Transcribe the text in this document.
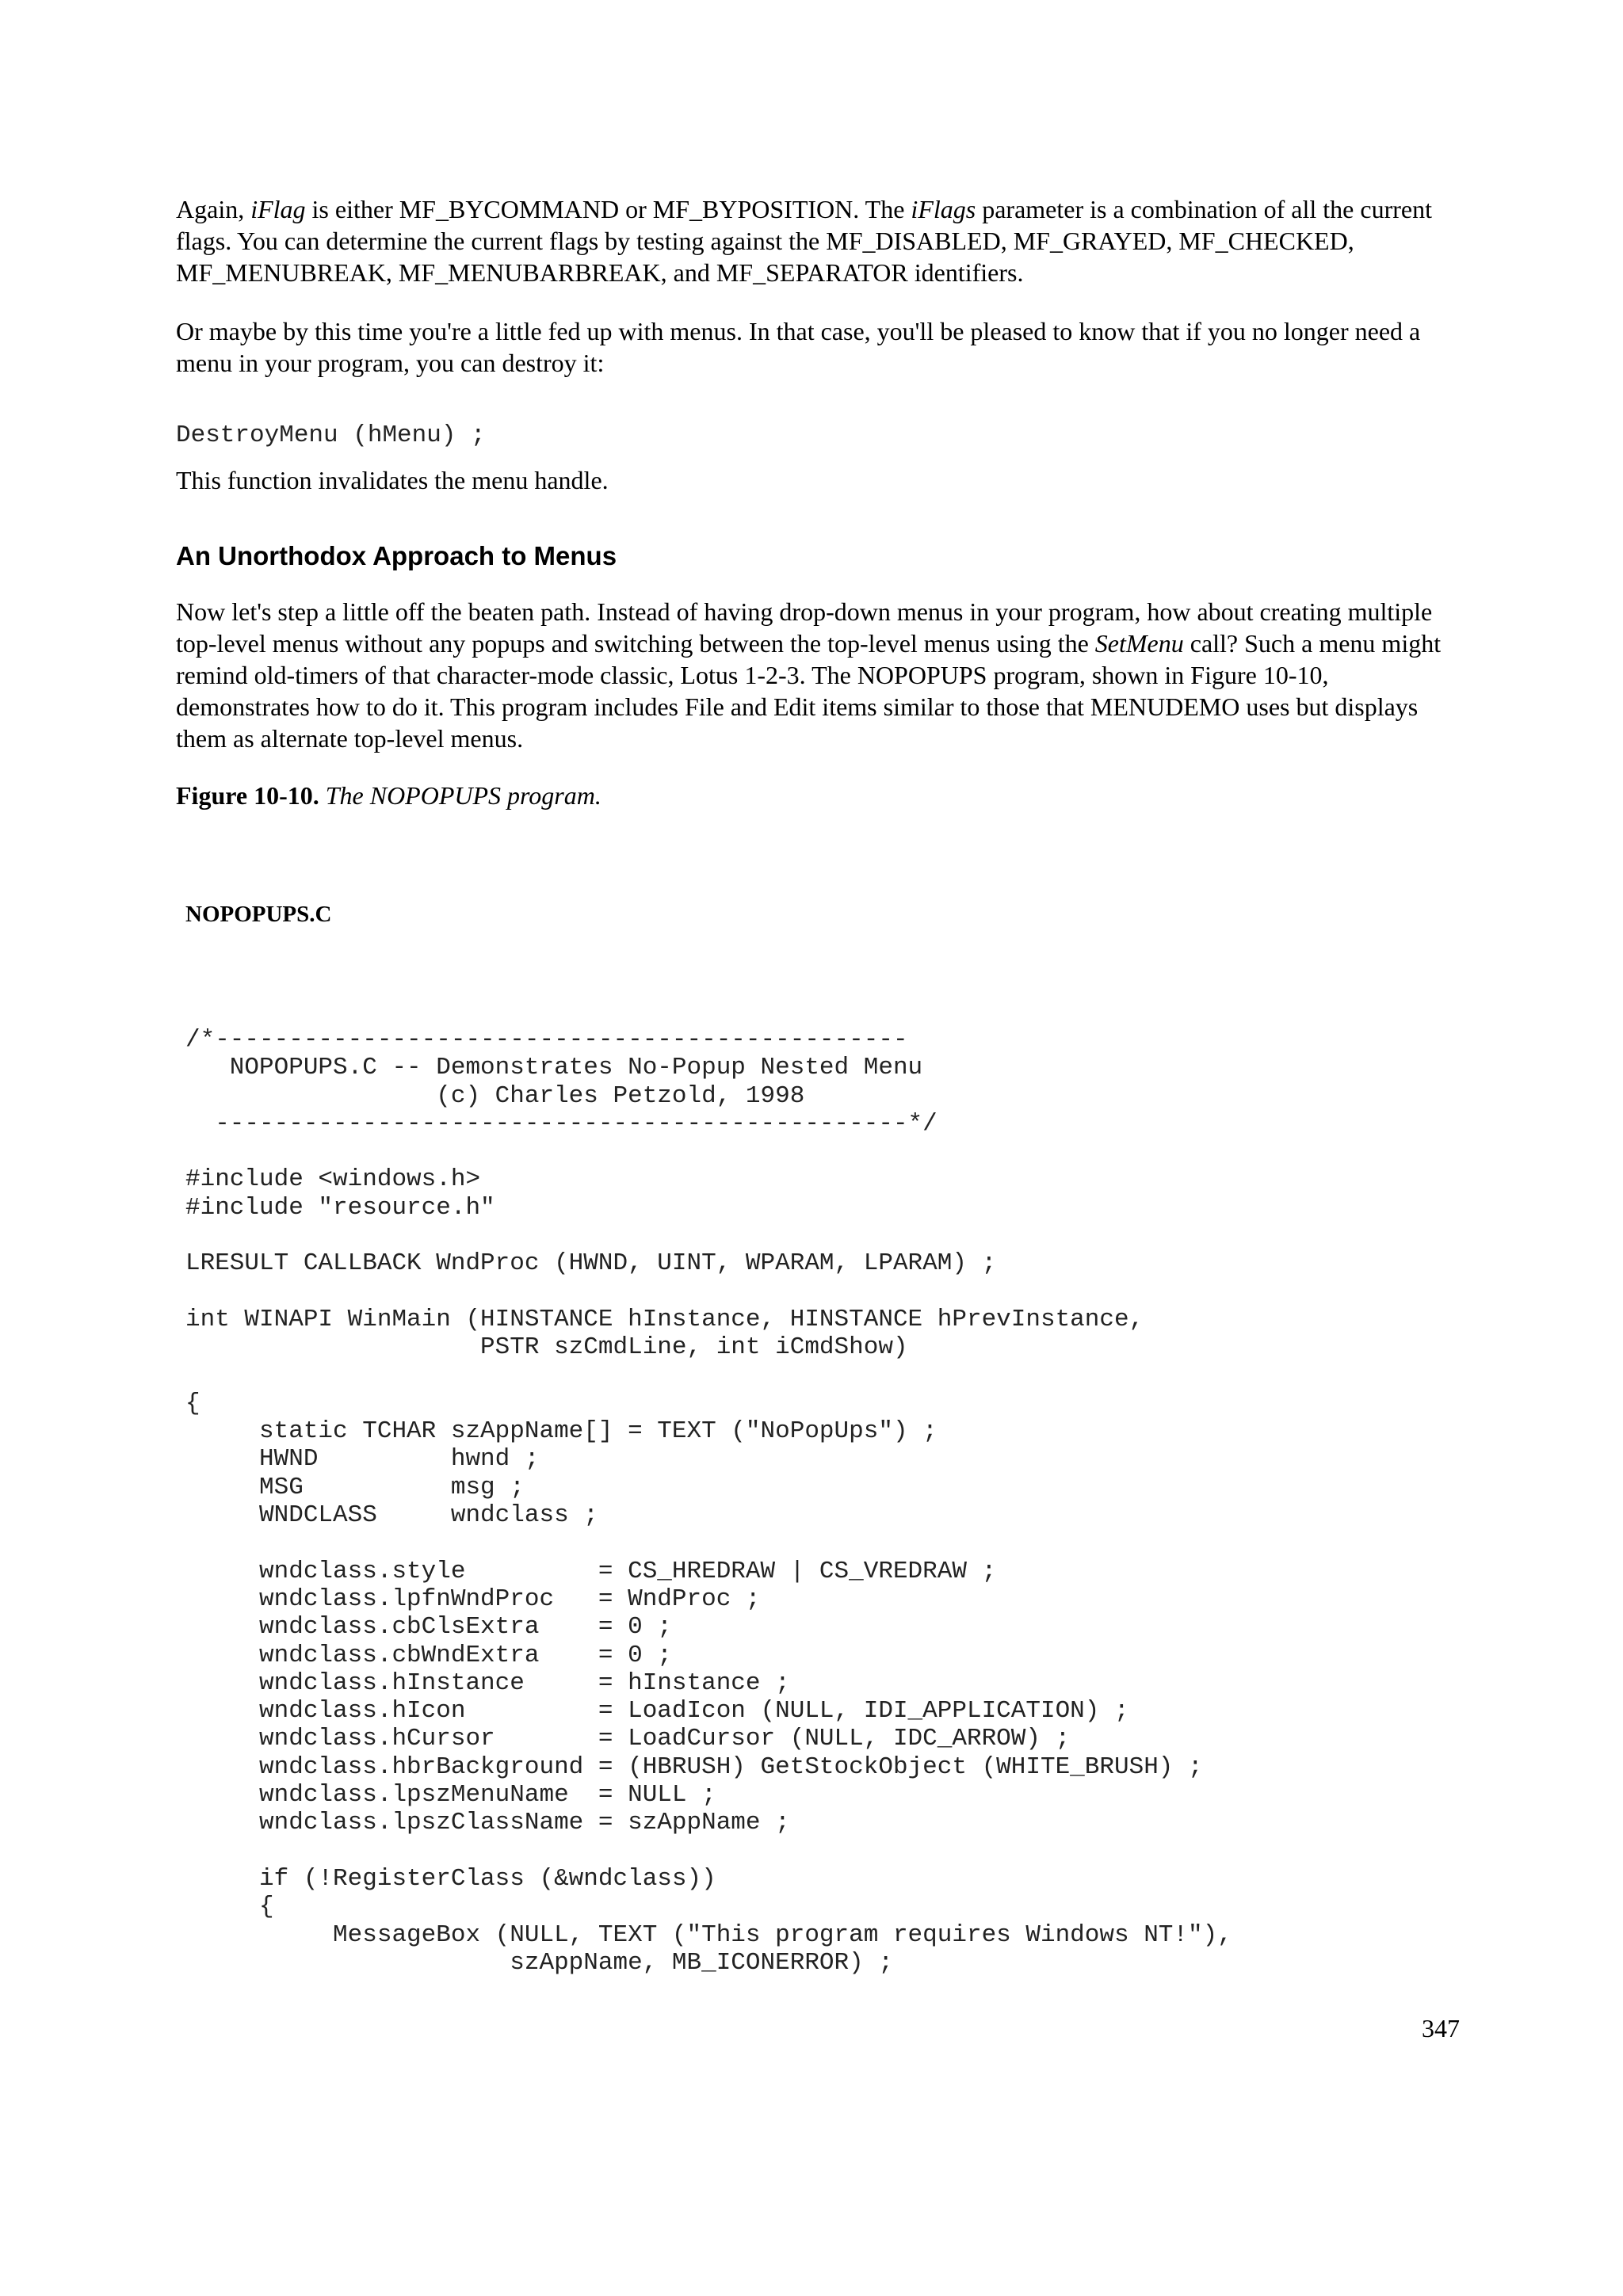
Again, iFlag is either MF_BYCOMMAND or MF_BYPOSITION. The iFlags parameter is a combination of all the current flags. You can determine the current flags by testing against the MF_DISABLED, MF_GRAYED, MF_CHECKED, MF_MENUBREAK, MF_MENUBARBREAK, and MF_SEPARATOR identifiers.

Or maybe by this time you're a little fed up with menus. In that case, you'll be pleased to know that if you no longer need a menu in your program, you can destroy it:

DestroyMenu (hMenu) ;

This function invalidates the menu handle.

An Unorthodox Approach to Menus

Now let's step a little off the beaten path. Instead of having drop-down menus in your program, how about creating multiple top-level menus without any popups and switching between the top-level menus using the SetMenu call? Such a menu might remind old-timers of that character-mode classic, Lotus 1-2-3. The NOPOPUPS program, shown in Figure 10-10, demonstrates how to do it. This program includes File and Edit items similar to those that MENUDEMO uses but displays them as alternate top-level menus.

Figure 10-10. The NOPOPUPS program.

NOPOPUPS.C
/*-----------------------------------------------
NOPOPUPS.C -- Demonstrates No-Popup Nested Menu
(c) Charles Petzold, 1998
-----------------------------------------------*/

#include <windows.h>
#include "resource.h"

LRESULT CALLBACK WndProc (HWND, UINT, WPARAM, LPARAM) ;

int WINAPI WinMain (HINSTANCE hInstance, HINSTANCE hPrevInstance,
PSTR szCmdLine, int iCmdShow)

{
static TCHAR szAppName[] = TEXT ("NoPopUps") ;
HWND         hwnd ;
MSG          msg ;
WNDCLASS     wndclass ;

wndclass.style         = CS_HREDRAW | CS_VREDRAW ;
wndclass.lpfnWndProc   = WndProc ;
wndclass.cbClsExtra    = 0 ;
wndclass.cbWndExtra    = 0 ;
wndclass.hInstance     = hInstance ;
wndclass.hIcon         = LoadIcon (NULL, IDI_APPLICATION) ;
wndclass.hCursor       = LoadCursor (NULL, IDC_ARROW) ;
wndclass.hbrBackground = (HBRUSH) GetStockObject (WHITE_BRUSH) ;
wndclass.lpszMenuName  = NULL ;
wndclass.lpszClassName = szAppName ;

if (!RegisterClass (&wndclass))
{
MessageBox (NULL, TEXT ("This program requires Windows NT!"),
szAppName, MB_ICONERROR) ;
347
